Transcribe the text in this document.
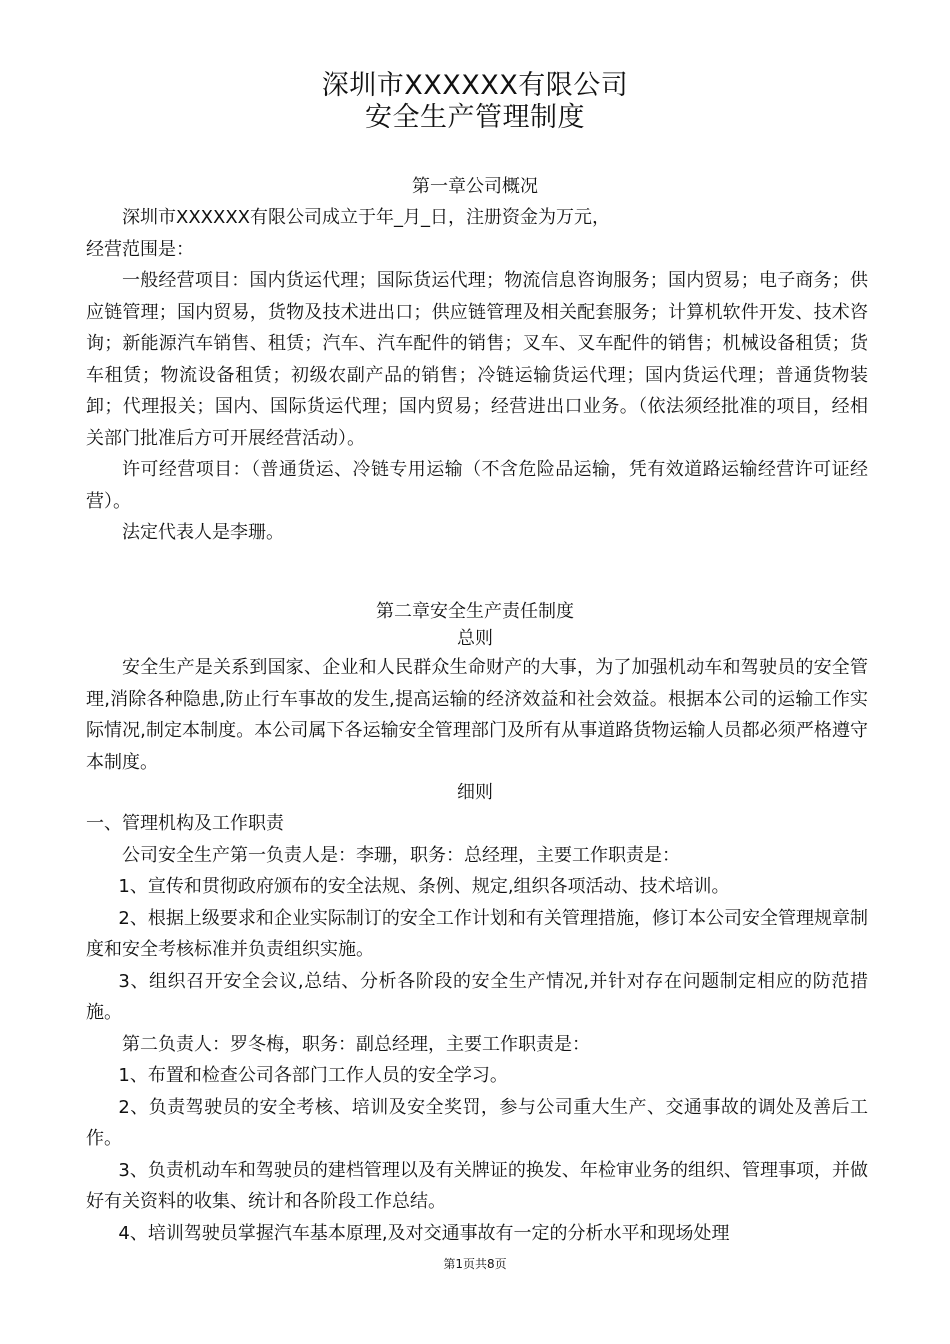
深圳市XXXXXX有限公司
安全生产管理制度
第一章公司概况

深圳市XXXXXX有限公司成立于年_月_日，注册资金为万元，

经营范围是：

一般经营项目：国内货运代理；国际货运代理；物流信息咨询服务；国内贸易；电子商务；供应链管理；国内贸易，货物及技术进出口；供应链管理及相关配套服务；计算机软件开发、技术咨询；新能源汽车销售、租赁；汽车、汽车配件的销售；叉车、叉车配件的销售；机械设备租赁；货车租赁；物流设备租赁；初级农副产品的销售；冷链运输货运代理；国内货运代理；普通货物装卸；代理报关；国内、国际货运代理；国内贸易；经营进出口业务。（依法须经批准的项目，经相关部门批准后方可开展经营活动）。

许可经营项目：（普通货运、冷链专用运输（不含危险品运输，凭有效道路运输经营许可证经营）。

法定代表人是李珊。

第二章安全生产责任制度
总则

安全生产是关系到国家、企业和人民群众生命财产的大事，为了加强机动车和驾驶员的安全管理,消除各种隐患,防止行车事故的发生,提高运输的经济效益和社会效益。根据本公司的运输工作实际情况,制定本制度。本公司属下各运输安全管理部门及所有从事道路货物运输人员都必须严格遵守本制度。

细则

一、管理机构及工作职责

公司安全生产第一负责人是：李珊，职务：总经理，主要工作职责是：

1、宣传和贯彻政府颁布的安全法规、条例、规定,组织各项活动、技术培训。

2、根据上级要求和企业实际制订的安全工作计划和有关管理措施，修订本公司安全管理规章制度和安全考核标准并负责组织实施。

3、组织召开安全会议,总结、分析各阶段的安全生产情况,并针对存在问题制定相应的防范措施。

第二负责人：罗冬梅，职务：副总经理，主要工作职责是：

1、布置和检查公司各部门工作人员的安全学习。

2、负责驾驶员的安全考核、培训及安全奖罚，参与公司重大生产、交通事故的调处及善后工作。

3、负责机动车和驾驶员的建档管理以及有关牌证的换发、年检审业务的组织、管理事项，并做好有关资料的收集、统计和各阶段工作总结。

4、培训驾驶员掌握汽车基本原理,及对交通事故有一定的分析水平和现场处理

第1页共8页
